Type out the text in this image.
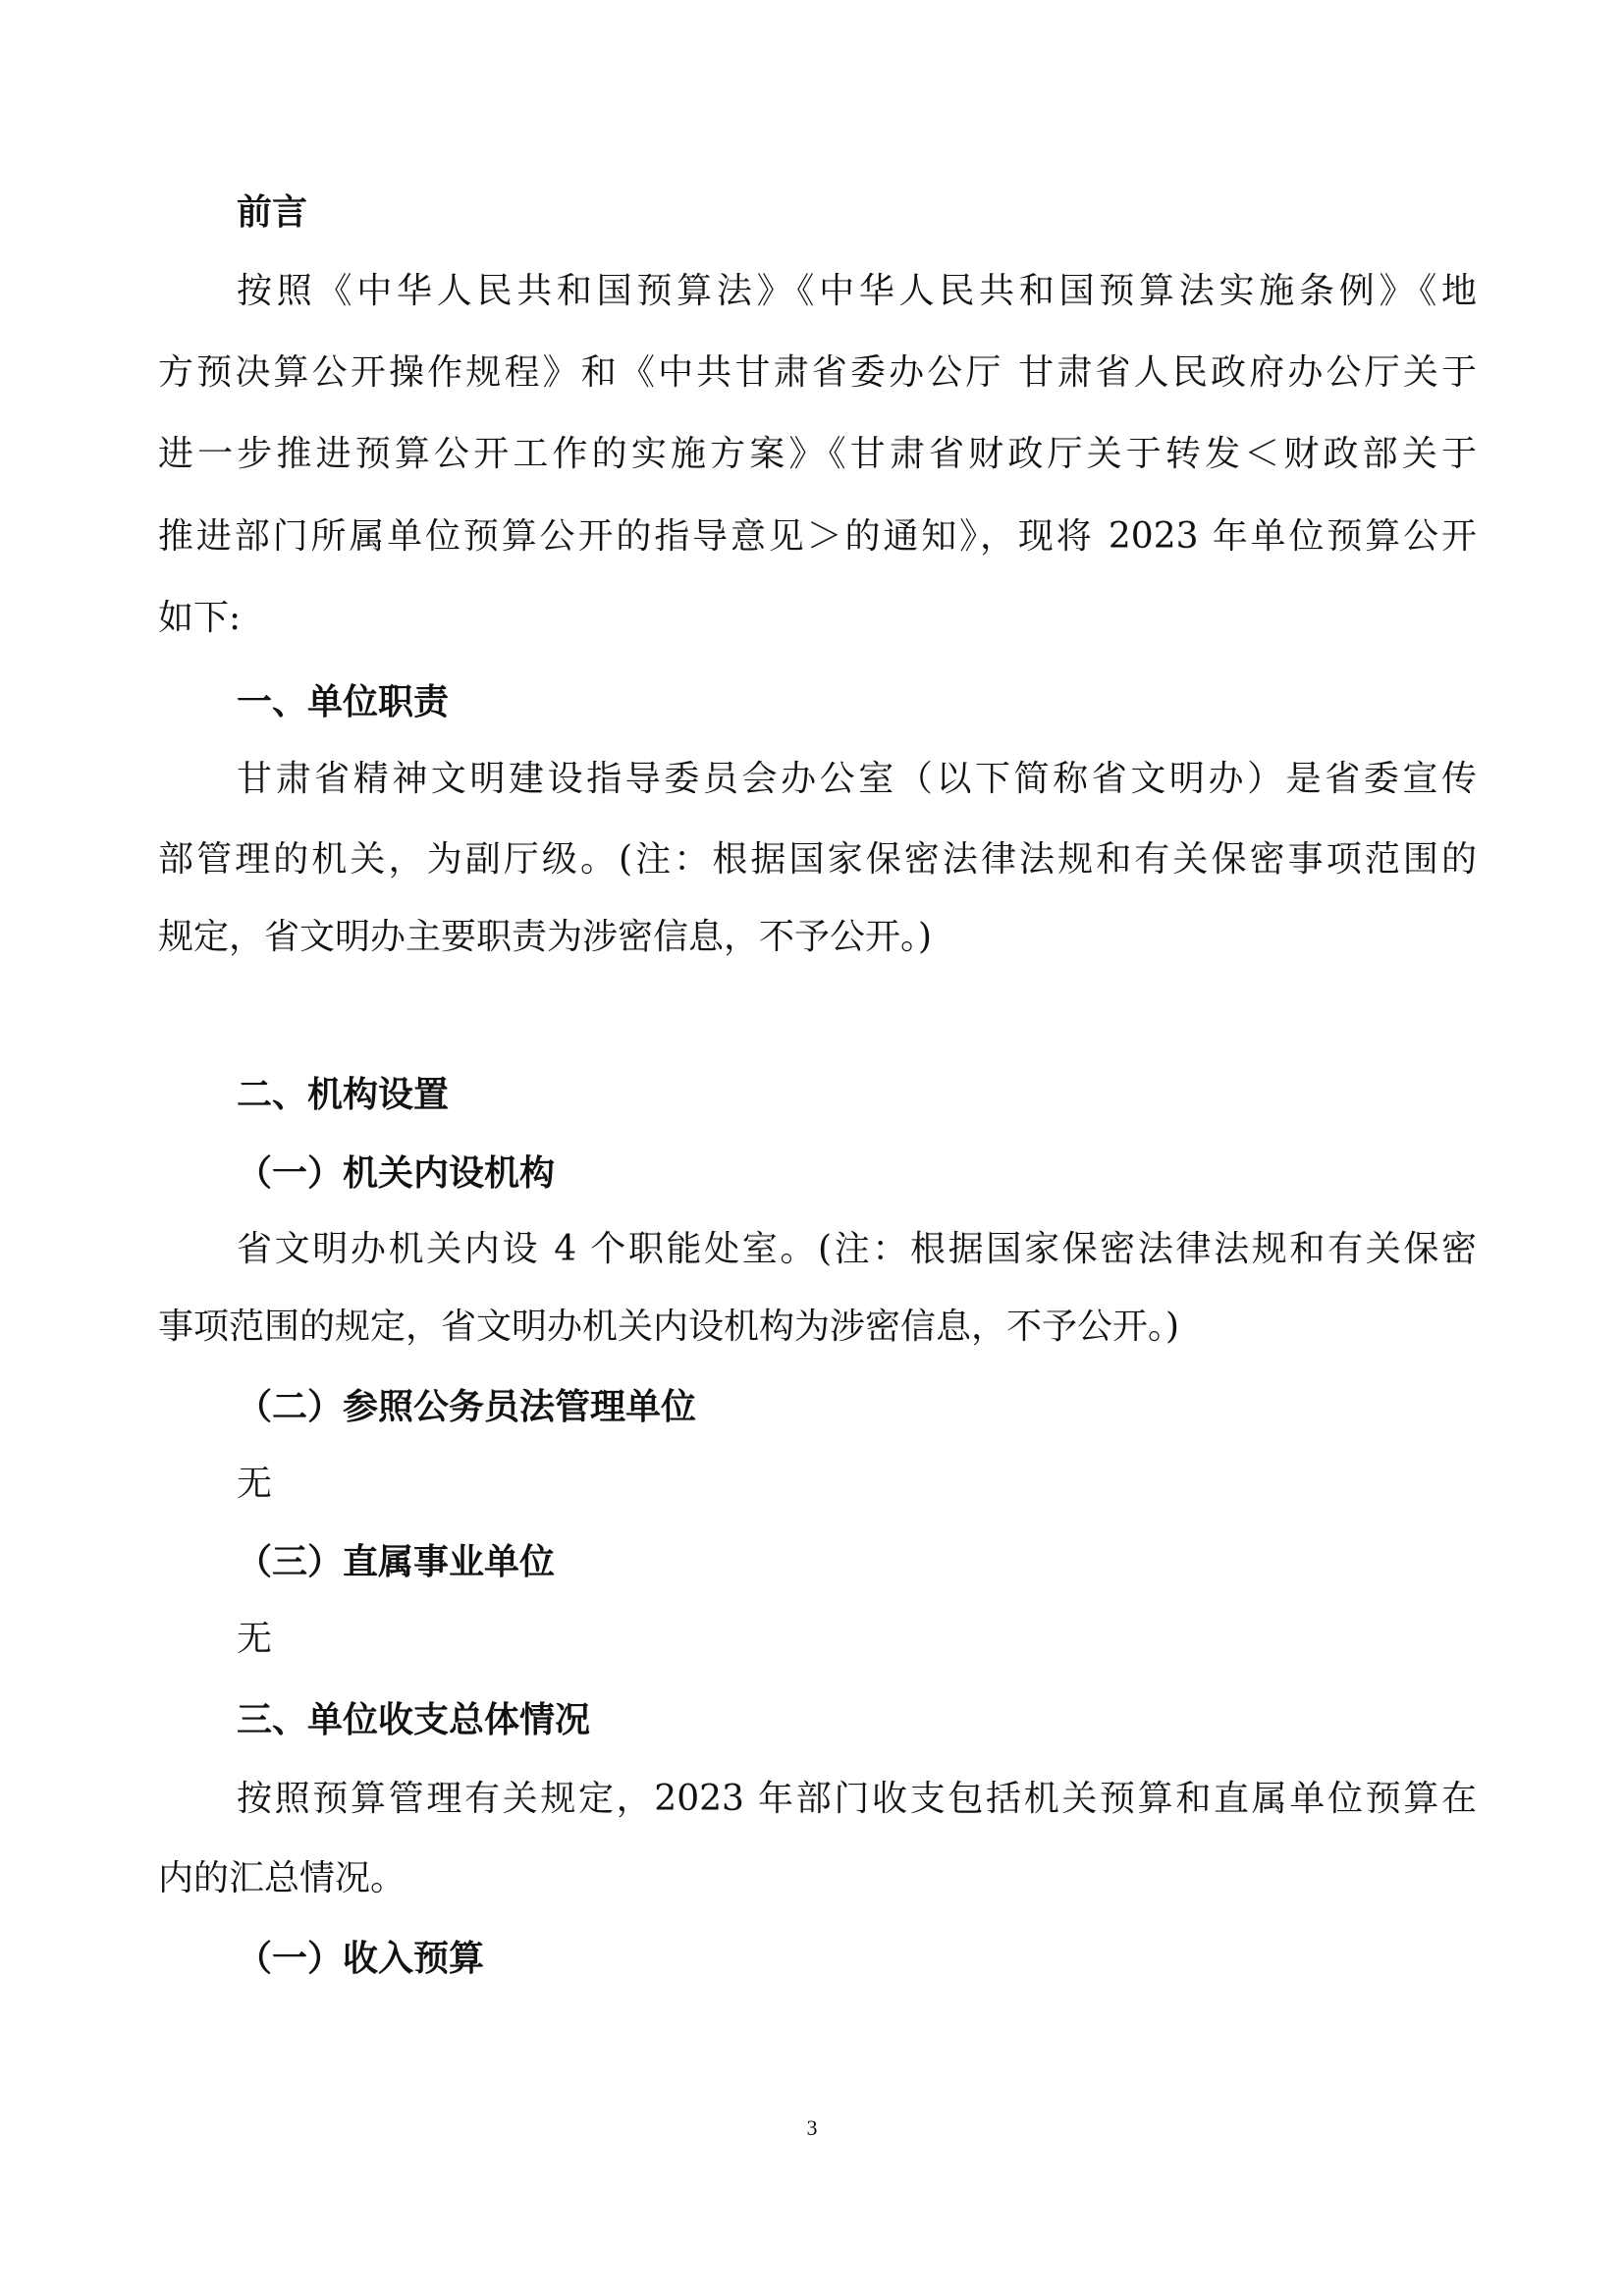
前言
按照《中华人民共和国预算法》《中华人民共和国预算法实施条例》《地
方预决算公开操作规程》和《中共甘肃省委办公厅 甘肃省人民政府办公厅关于
进一步推进预算公开工作的实施方案》《甘肃省财政厅关于转发＜财政部关于
推进部门所属单位预算公开的指导意见＞的通知》，现将 2023 年单位预算公开
如下:
一、单位职责
甘肃省精神文明建设指导委员会办公室（以下简称省文明办）是省委宣传
部管理的机关，为副厅级。(注：根据国家保密法律法规和有关保密事项范围的
规定，省文明办主要职责为涉密信息，不予公开。)
二、机构设置
（一）机关内设机构
省文明办机关内设 4 个职能处室。(注：根据国家保密法律法规和有关保密
事项范围的规定，省文明办机关内设机构为涉密信息，不予公开。)
（二）参照公务员法管理单位
无
（三）直属事业单位
无
三、单位收支总体情况
按照预算管理有关规定，2023 年部门收支包括机关预算和直属单位预算在
内的汇总情况。
（一）收入预算
3
